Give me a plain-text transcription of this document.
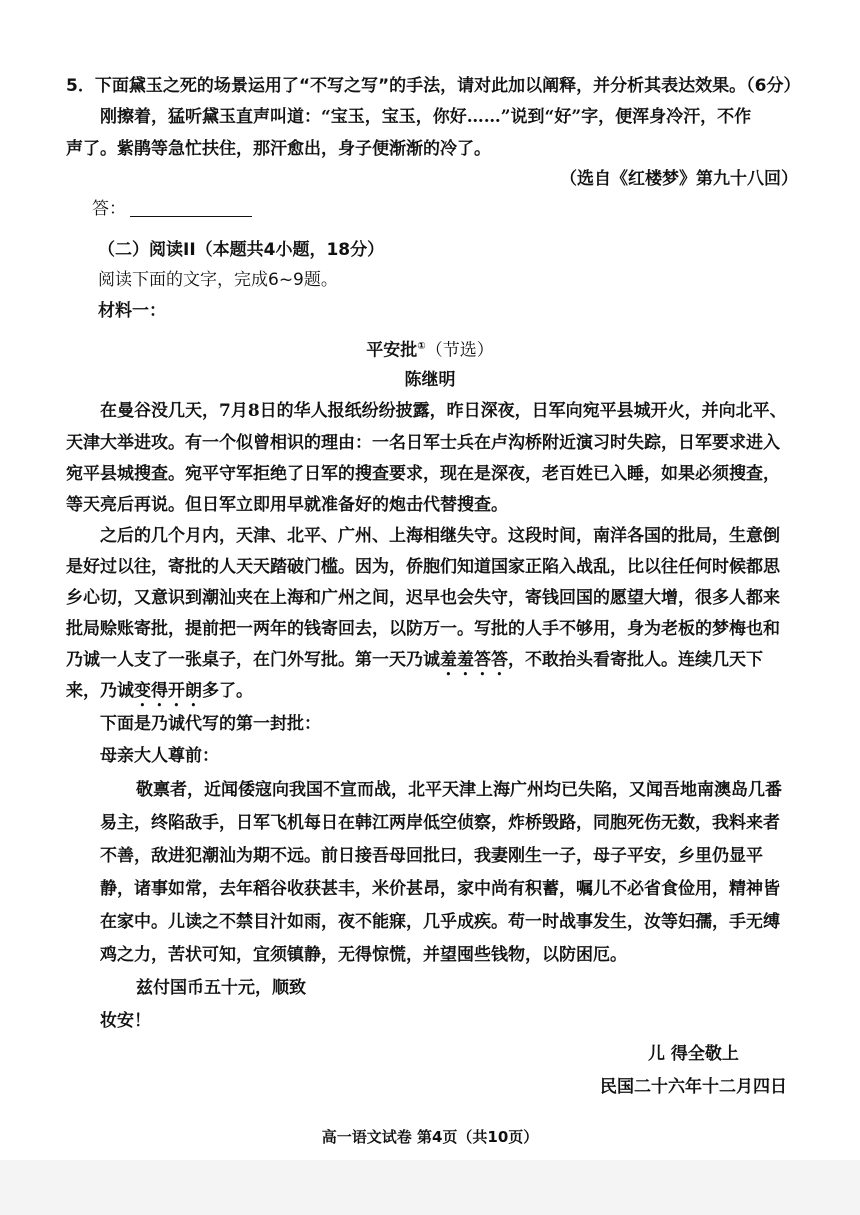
5．下面黛玉之死的场景运用了“不写之写”的手法，请对此加以阐释，并分析其表达效果。（6分）
刚擦着，猛听黛玉直声叫道：“宝玉，宝玉，你好……”说到“好”字，便浑身冷汗，不作
声了。紫鹃等急忙扶住，那汗愈出，身子便渐渐的冷了。
（选自《红楼梦》第九十八回）
答：
（二）阅读II（本题共4小题，18分）
阅读下面的文字，完成6~9题。
材料一：
平安批①（节选）
陈继明
在曼谷没几天，7月8日的华人报纸纷纷披露，昨日深夜，日军向宛平县城开火，并向北平、
天津大举进攻。有一个似曾相识的理由：一名日军士兵在卢沟桥附近演习时失踪，日军要求进入
宛平县城搜查。宛平守军拒绝了日军的搜查要求，现在是深夜，老百姓已入睡，如果必须搜查，
等天亮后再说。但日军立即用早就准备好的炮击代替搜查。
之后的几个月内，天津、北平、广州、上海相继失守。这段时间，南洋各国的批局，生意倒
是好过以往，寄批的人天天踏破门槛。因为，侨胞们知道国家正陷入战乱，比以往任何时候都思
乡心切，又意识到潮汕夹在上海和广州之间，迟早也会失守，寄钱回国的愿望大增，很多人都来
批局赊账寄批，提前把一两年的钱寄回去，以防万一。写批的人手不够用，身为老板的梦梅也和
乃诚一人支了一张桌子，在门外写批。第一天乃诚羞羞答答，不敢抬头看寄批人。连续几天下
来，乃诚变得开朗多了。
下面是乃诚代写的第一封批：
母亲大人尊前：
敬禀者，近闻倭寇向我国不宣而战，北平天津上海广州均已失陷，又闻吾地南澳岛几番
易主，终陷敌手，日军飞机每日在韩江两岸低空侦察，炸桥毁路，同胞死伤无数，我料来者
不善，敌进犯潮汕为期不远。前日接吾母回批曰，我妻刚生一子，母子平安，乡里仍显平
静，诸事如常，去年稻谷收获甚丰，米价甚昂，家中尚有积蓄，嘱儿不必省食俭用，精神皆
在家中。儿读之不禁目汁如雨，夜不能寐，几乎成疾。苟一时战事发生，汝等妇孺，手无缚
鸡之力，苦状可知，宜须镇静，无得惊慌，并望囤些钱物，以防困厄。
兹付国币五十元，顺致
妆安！
儿 得全敬上
民国二十六年十二月四日
高一语文试卷 第4页（共10页）
